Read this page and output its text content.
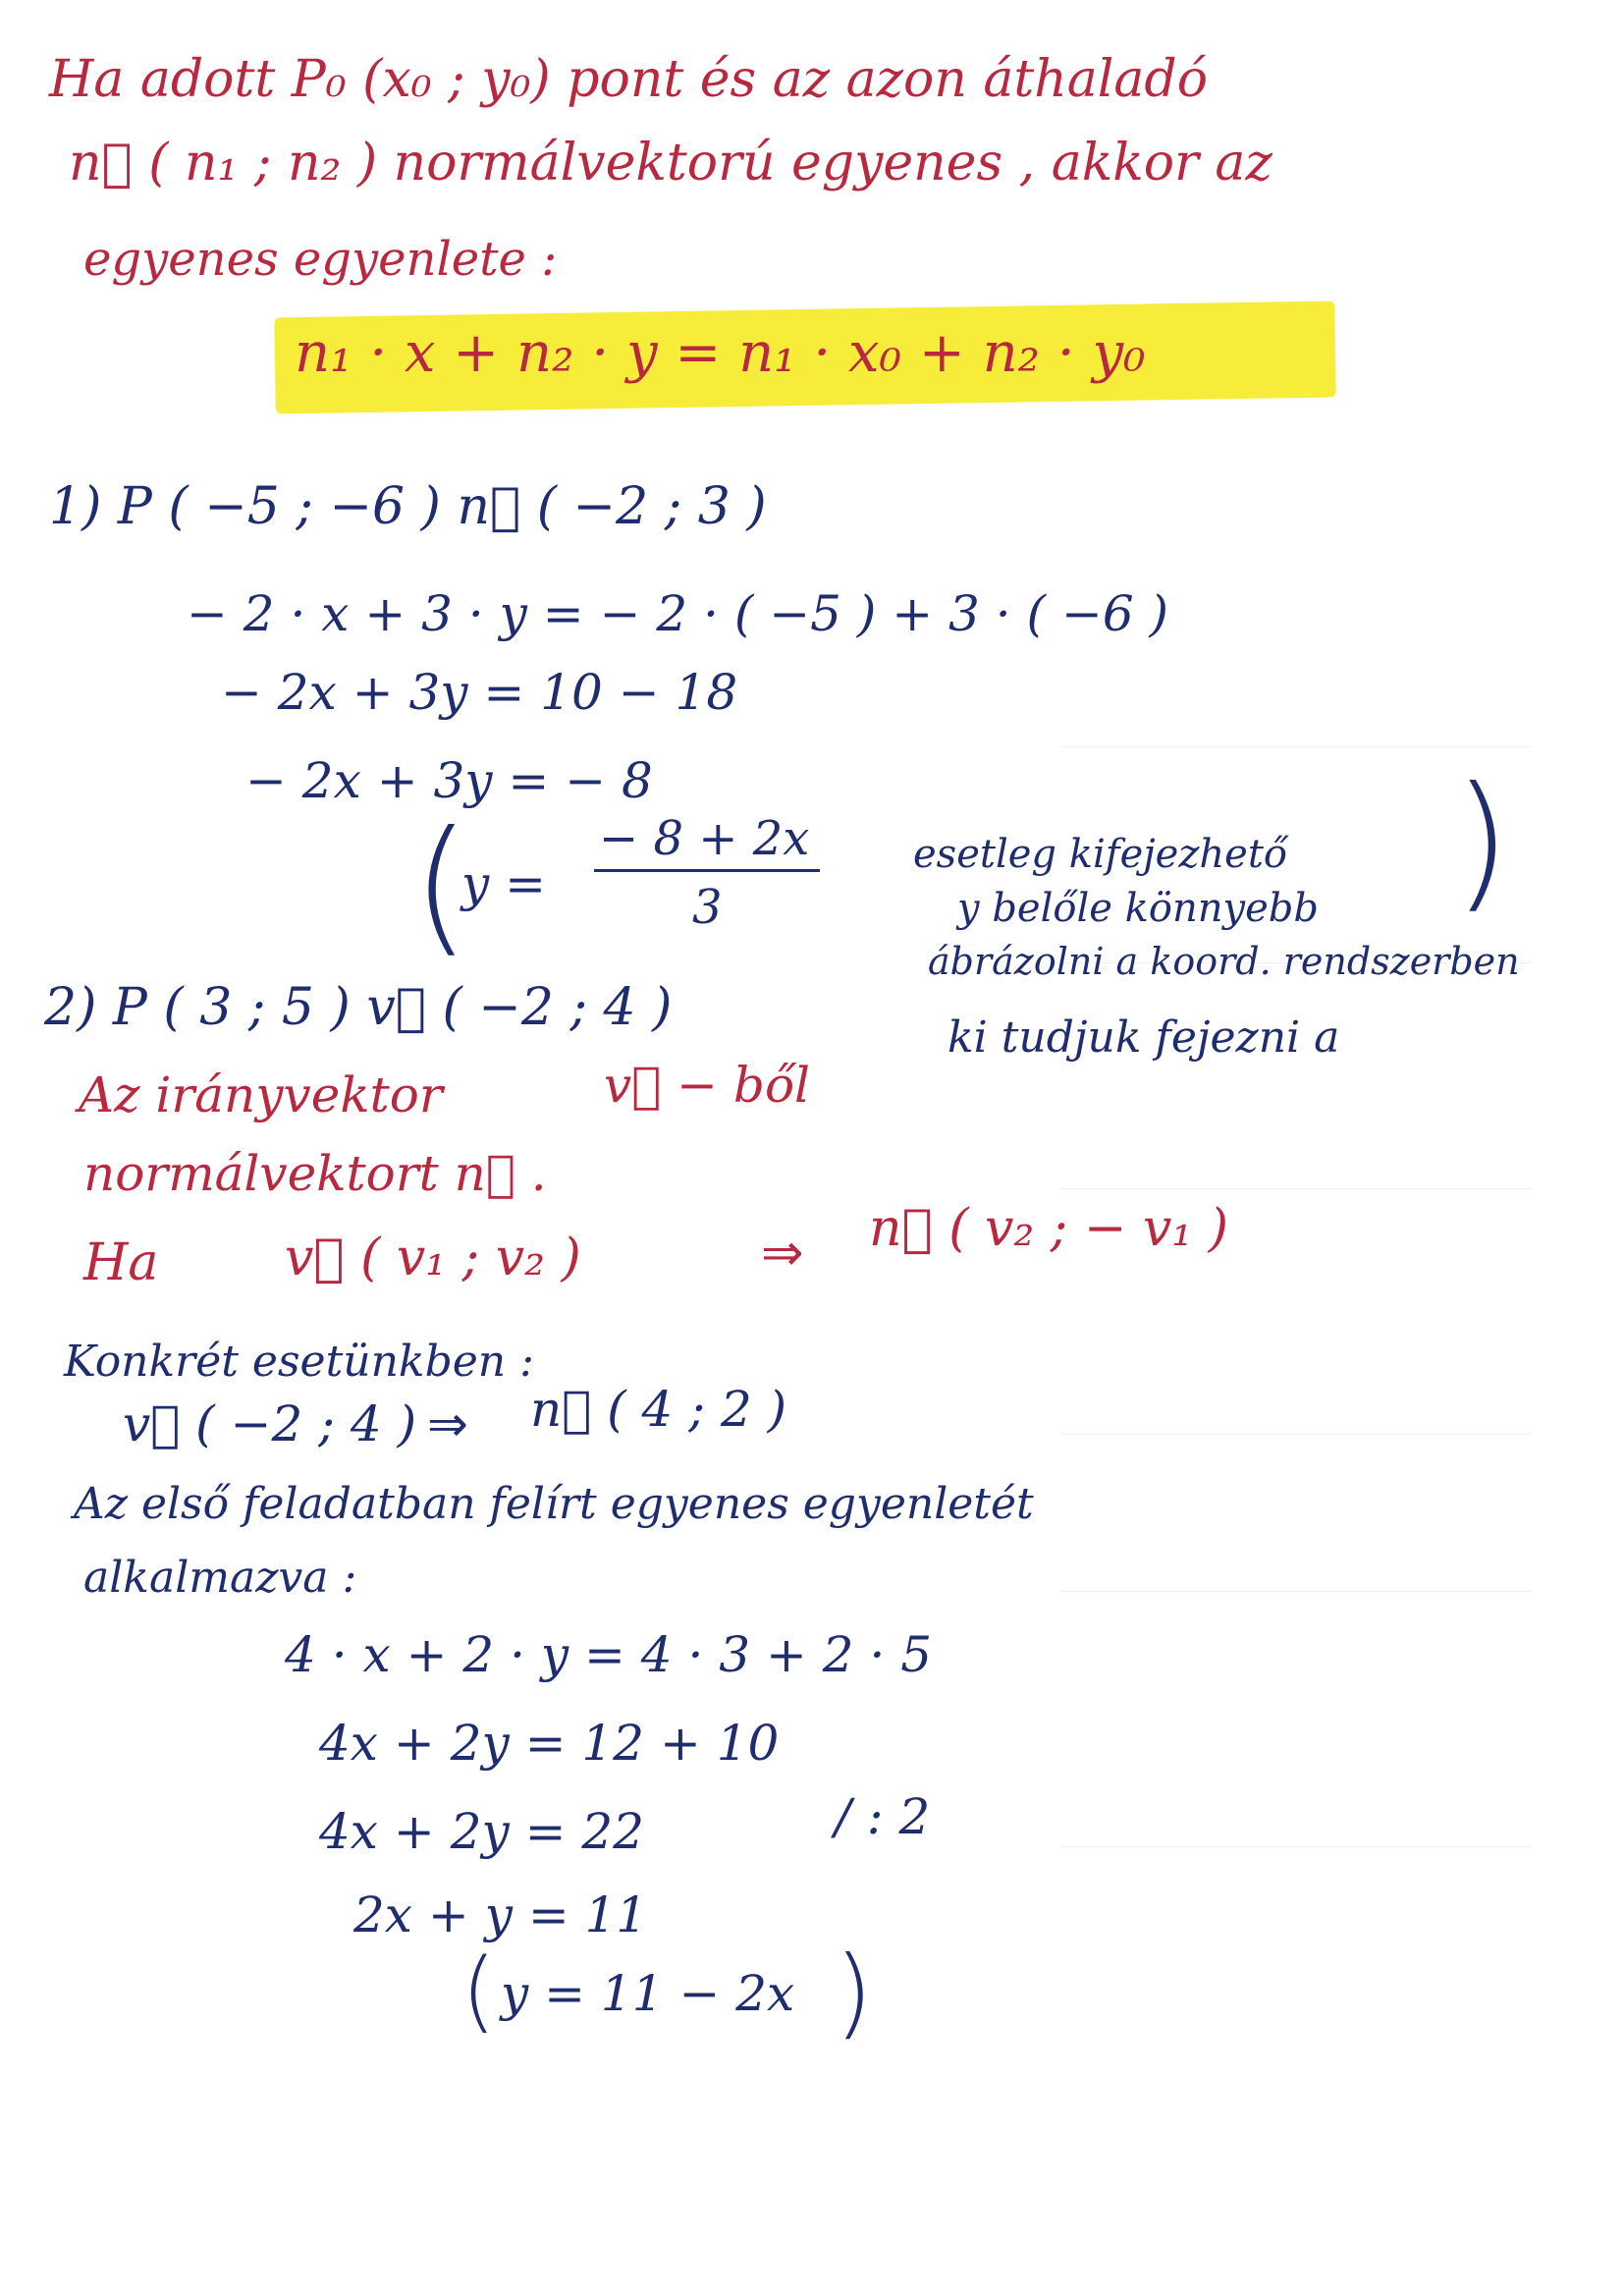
Ha adott P₀ (x₀ ; y₀) pont és az azon áthaladó
n⃗ ( n₁ ; n₂ ) normálvektorú egyenes , akkor az
egyenes egyenlete :
n₁ · x + n₂ · y = n₁ · x₀ + n₂ · y₀
1) P ( −5 ; −6 ) n⃗ ( −2 ; 3 )
− 2 · x + 3 · y = − 2 · ( −5 ) + 3 · ( −6 )
− 2x + 3y = 10 − 18
− 2x + 3y = − 8
(
y =
− 8 + 2x
3
esetleg kifejezhető
y belőle könnyebb )
ábrázolni a koord. rendszerben
2) P ( 3 ; 5 ) v⃗ ( −2 ; 4 )
ki tudjuk fejezni a
Az irányvektor	v⃗ − ből
normálvektort n⃗ .
Ha v⃗ ( v₁ ; v₂ )	⇒ n⃗ ( v₂ ; − v₁ )
Konkrét esetünkben :
v⃗ ( −2 ; 4 ) ⇒ n⃗ ( 4 ; 2 )
Az első feladatban felírt egyenes egyenletét
alkalmazva :
4 · x + 2 · y = 4 · 3 + 2 · 5
4x + 2y = 12 + 10
4x + 2y = 22	/ : 2
2x + y = 11
( y = 11 − 2x )
